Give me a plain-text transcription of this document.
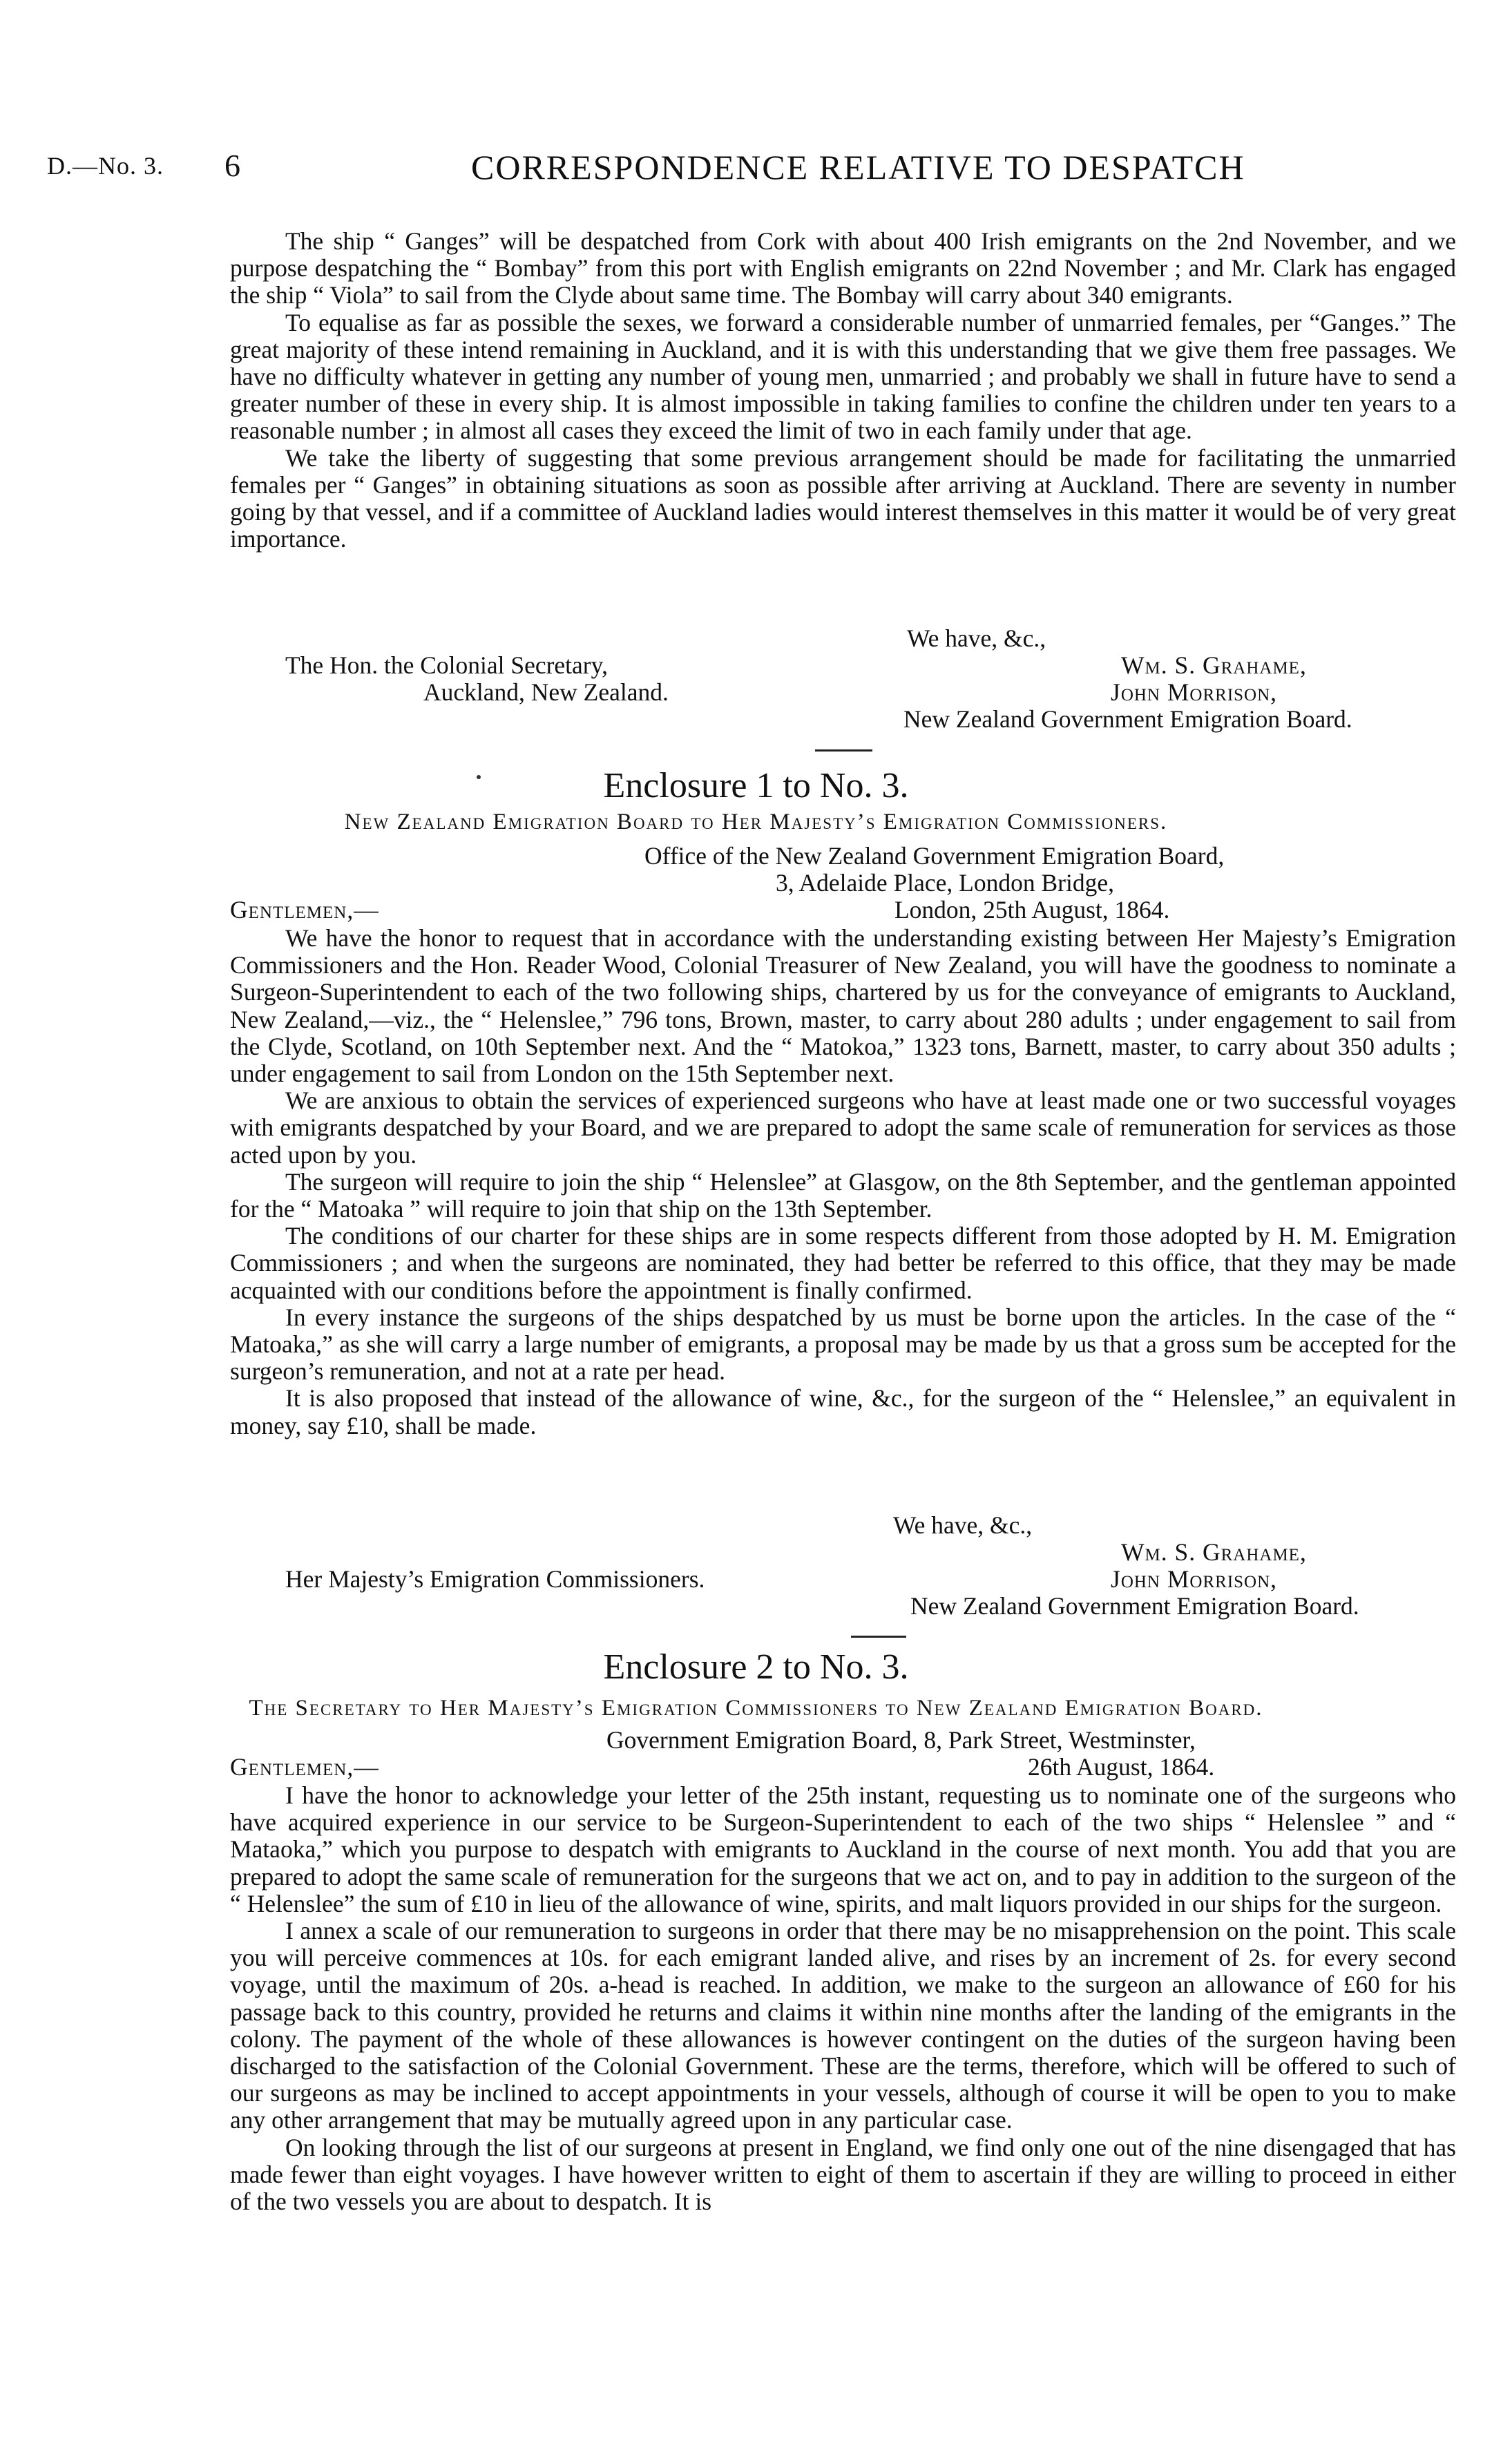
D.—No. 3. 6	CORRESPONDENCE RELATIVE TO DESPATCH

The ship “ Ganges” will be despatched from Cork with about 400 Irish emigrants on the 2nd November, and we purpose despatching the “ Bombay” from this port with English emigrants on 22nd November ; and Mr. Clark has engaged the ship “ Viola” to sail from the Clyde about same time. The Bombay will carry about 340 emigrants.

To equalise as far as possible the sexes, we forward a considerable number of unmarried females, per “Ganges.” The great majority of these intend remaining in Auckland, and it is with this understanding that we give them free passages. We have no difficulty whatever in getting any number of young men, unmarried ; and probably we shall in future have to send a greater number of these in every ship. It is almost impossible in taking families to confine the children under ten years to a reasonable number ; in almost all cases they exceed the limit of two in each family under that age.

We take the liberty of suggesting that some previous arrangement should be made for facilitating the unmarried females per “ Ganges” in obtaining situations as soon as possible after arriving at Auckland. There are seventy in number going by that vessel, and if a committee of Auckland ladies would interest themselves in this matter it would be of very great importance.

We have, &c.,
The Hon. the Colonial Secretary,	Wm. S. Grahame,
Auckland, New Zealand.	John Morrison,
New Zealand Government Emigration Board.
Enclosure 1 to No. 3.
New Zealand Emigration Board to Her Majesty’s Emigration Commissioners.
Office of the New Zealand Government Emigration Board,
3, Adelaide Place, London Bridge,
Gentlemen,—	London, 25th August, 1864.

We have the honor to request that in accordance with the understanding existing between Her Majesty’s Emigration Commissioners and the Hon. Reader Wood, Colonial Treasurer of New Zealand, you will have the goodness to nominate a Surgeon-Superintendent to each of the two following ships, chartered by us for the conveyance of emigrants to Auckland, New Zealand,—viz., the “ Helenslee,” 796 tons, Brown, master, to carry about 280 adults ; under engagement to sail from the Clyde, Scotland, on 10th September next. And the “ Matokoa,” 1323 tons, Barnett, master, to carry about 350 adults ; under engagement to sail from London on the 15th September next.

We are anxious to obtain the services of experienced surgeons who have at least made one or two successful voyages with emigrants despatched by your Board, and we are prepared to adopt the same scale of remuneration for services as those acted upon by you.

The surgeon will require to join the ship “ Helenslee” at Glasgow, on the 8th September, and the gentleman appointed for the “ Matoaka ” will require to join that ship on the 13th September.

The conditions of our charter for these ships are in some respects different from those adopted by H. M. Emigration Commissioners ; and when the surgeons are nominated, they had better be referred to this office, that they may be made acquainted with our conditions before the appointment is finally confirmed.

In every instance the surgeons of the ships despatched by us must be borne upon the articles. In the case of the “ Matoaka,” as she will carry a large number of emigrants, a proposal may be made by us that a gross sum be accepted for the surgeon’s remuneration, and not at a rate per head.

It is also proposed that instead of the allowance of wine, &c., for the surgeon of the “ Helenslee,” an equivalent in money, say £10, shall be made.

We have, &c.,
Wm. S. Grahame,
Her Majesty’s Emigration Commissioners.	John Morrison,
New Zealand Government Emigration Board.
Enclosure 2 to No. 3.
The Secretary to Her Majesty’s Emigration Commissioners to New Zealand Emigration Board.
Government Emigration Board, 8, Park Street, Westminster,
Gentlemen,—	26th August, 1864.

I have the honor to acknowledge your letter of the 25th instant, requesting us to nominate one of the surgeons who have acquired experience in our service to be Surgeon-Superintendent to each of the two ships “ Helenslee ” and “ Mataoka,” which you purpose to despatch with emigrants to Auckland in the course of next month. You add that you are prepared to adopt the same scale of remuneration for the surgeons that we act on, and to pay in addition to the surgeon of the “ Helenslee” the sum of £10 in lieu of the allowance of wine, spirits, and malt liquors provided in our ships for the surgeon.

I annex a scale of our remuneration to surgeons in order that there may be no misapprehension on the point. This scale you will perceive commences at 10s. for each emigrant landed alive, and rises by an increment of 2s. for every second voyage, until the maximum of 20s. a-head is reached. In addition, we make to the surgeon an allowance of £60 for his passage back to this country, provided he returns and claims it within nine months after the landing of the emigrants in the colony. The payment of the whole of these allowances is however contingent on the duties of the surgeon having been discharged to the satisfaction of the Colonial Government. These are the terms, therefore, which will be offered to such of our surgeons as may be inclined to accept appointments in your vessels, although of course it will be open to you to make any other arrangement that may be mutually agreed upon in any particular case.

On looking through the list of our surgeons at present in England, we find only one out of the nine disengaged that has made fewer than eight voyages. I have however written to eight of them to ascertain if they are willing to proceed in either of the two vessels you are about to despatch. It is
